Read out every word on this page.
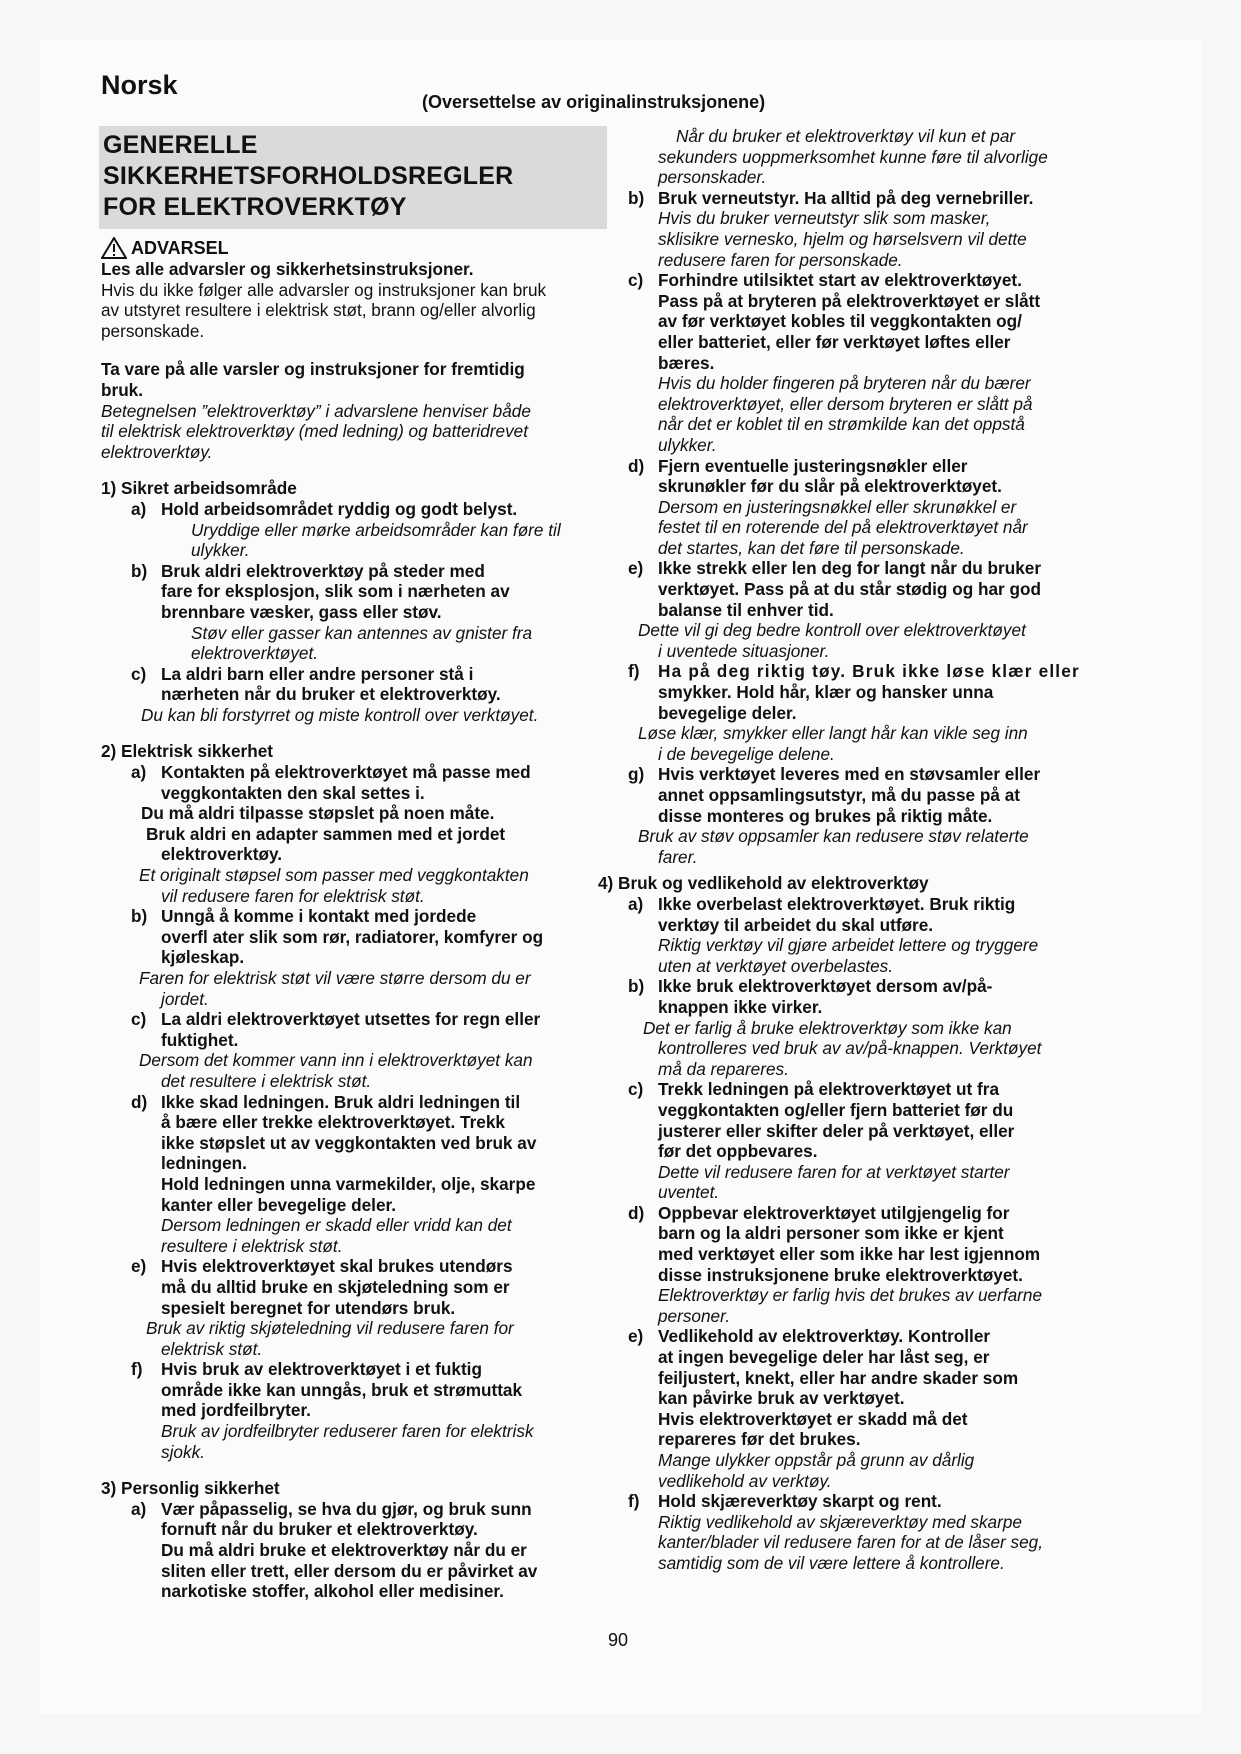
Norsk
(Oversettelse av originalinstruksjonene)
GENERELLE
SIKKERHETSFORHOLDSREGLER
FOR ELEKTROVERKTØY
ADVARSEL
Les alle advarsler og sikkerhetsinstruksjoner.
Hvis du ikke følger alle advarsler og instruksjoner kan bruk
av utstyret resultere i elektrisk støt, brann og/eller alvorlig
personskade.
Ta vare på alle varsler og instruksjoner for fremtidig
bruk.
Betegnelsen ”elektroverktøy” i advarslene henviser både
til elektrisk elektroverktøy (med ledning) og batteridrevet
elektroverktøy.
1) Sikret arbeidsområde
a) Hold arbeidsområdet ryddig og godt belyst.
Uryddige eller mørke arbeidsområder kan føre til
ulykker.
b) Bruk aldri elektroverktøy på steder med
fare for eksplosjon, slik som i nærheten av
brennbare væsker, gass eller støv.
Støv eller gasser kan antennes av gnister fra
elektroverktøyet.
c) La aldri barn eller andre personer stå i
nærheten når du bruker et elektroverktøy.
Du kan bli forstyrret og miste kontroll over verktøyet.
2) Elektrisk sikkerhet
a) Kontakten på elektroverktøyet må passe med
veggkontakten den skal settes i.
Du må aldri tilpasse støpslet på noen måte.
Bruk aldri en adapter sammen med et jordet
elektroverktøy.
Et originalt støpsel som passer med veggkontakten
vil redusere faren for elektrisk støt.
b) Unngå å komme i kontakt med jordede
overfl ater slik som rør, radiatorer, komfyrer og
kjøleskap.
Faren for elektrisk støt vil være større dersom du er
jordet.
c) La aldri elektroverktøyet utsettes for regn eller
fuktighet.
Dersom det kommer vann inn i elektroverktøyet kan
det resultere i elektrisk støt.
d) Ikke skad ledningen. Bruk aldri ledningen til
å bære eller trekke elektroverktøyet. Trekk
ikke støpslet ut av veggkontakten ved bruk av
ledningen.
Hold ledningen unna varmekilder, olje, skarpe
kanter eller bevegelige deler.
Dersom ledningen er skadd eller vridd kan det
resultere i elektrisk støt.
e) Hvis elektroverktøyet skal brukes utendørs
må du alltid bruke en skjøteledning som er
spesielt beregnet for utendørs bruk.
Bruk av riktig skjøteledning vil redusere faren for
elektrisk støt.
f)	Hvis bruk av elektroverktøyet i et fuktig
område ikke kan unngås, bruk et strømuttak
med jordfeilbryter.
Bruk av jordfeilbryter reduserer faren for elektrisk
sjokk.
3) Personlig sikkerhet
a) Vær påpasselig, se hva du gjør, og bruk sunn
fornuft når du bruker et elektroverktøy.
Du må aldri bruke et elektroverktøy når du er
sliten eller trett, eller dersom du er påvirket av
narkotiske stoffer, alkohol eller medisiner.
Når du bruker et elektroverktøy vil kun et par
sekunders uoppmerksomhet kunne føre til alvorlige
personskader.
b) Bruk verneutstyr. Ha alltid på deg vernebriller.
Hvis du bruker verneutstyr slik som masker,
sklisikre vernesko, hjelm og hørselsvern vil dette
redusere faren for personskade.
c) Forhindre utilsiktet start av elektroverktøyet.
Pass på at bryteren på elektroverktøyet er slått
av før verktøyet kobles til veggkontakten og/
eller batteriet, eller før verktøyet løftes eller
bæres.
Hvis du holder fingeren på bryteren når du bærer
elektroverktøyet, eller dersom bryteren er slått på
når det er koblet til en strømkilde kan det oppstå
ulykker.
d) Fjern eventuelle justeringsnøkler eller
skrunøkler før du slår på elektroverktøyet.
Dersom en justeringsnøkkel eller skrunøkkel er
festet til en roterende del på elektroverktøyet når
det startes, kan det føre til personskade.
e) Ikke strekk eller len deg for langt når du bruker
verktøyet. Pass på at du står stødig og har god
balanse til enhver tid.
Dette vil gi deg bedre kontroll over elektroverktøyet
i uventede situasjoner.
f)	Ha på deg riktig tøy. Bruk ikke løse klær eller
smykker. Hold hår, klær og hansker unna
bevegelige deler.
Løse klær, smykker eller langt hår kan vikle seg inn
i de bevegelige delene.
g) Hvis verktøyet leveres med en støvsamler eller
annet oppsamlingsutstyr, må du passe på at
disse monteres og brukes på riktig måte.
Bruk av støv oppsamler kan redusere støv relaterte
farer.
4) Bruk og vedlikehold av elektroverktøy
a) Ikke overbelast elektroverktøyet. Bruk riktig
verktøy til arbeidet du skal utføre.
Riktig verktøy vil gjøre arbeidet lettere og tryggere
uten at verktøyet overbelastes.
b) Ikke bruk elektroverktøyet dersom av/på-
knappen ikke virker.
Det er farlig å bruke elektroverktøy som ikke kan
kontrolleres ved bruk av av/på-knappen. Verktøyet
må da repareres.
c) Trekk ledningen på elektroverktøyet ut fra
veggkontakten og/eller fjern batteriet før du
justerer eller skifter deler på verktøyet, eller
før det oppbevares.
Dette vil redusere faren for at verktøyet starter
uventet.
d) Oppbevar elektroverktøyet utilgjengelig for
barn og la aldri personer som ikke er kjent
med verktøyet eller som ikke har lest igjennom
disse instruksjonene bruke elektroverktøyet.
Elektroverktøy er farlig hvis det brukes av uerfarne
personer.
e) Vedlikehold av elektroverktøy. Kontroller
at ingen bevegelige deler har låst seg, er
feiljustert, knekt, eller har andre skader som
kan påvirke bruk av verktøyet.
Hvis elektroverktøyet er skadd må det
repareres før det brukes.
Mange ulykker oppstår på grunn av dårlig
vedlikehold av verktøy.
f)	Hold skjæreverktøy skarpt og rent.
Riktig vedlikehold av skjæreverktøy med skarpe
kanter/blader vil redusere faren for at de låser seg,
samtidig som de vil være lettere å kontrollere.
90
